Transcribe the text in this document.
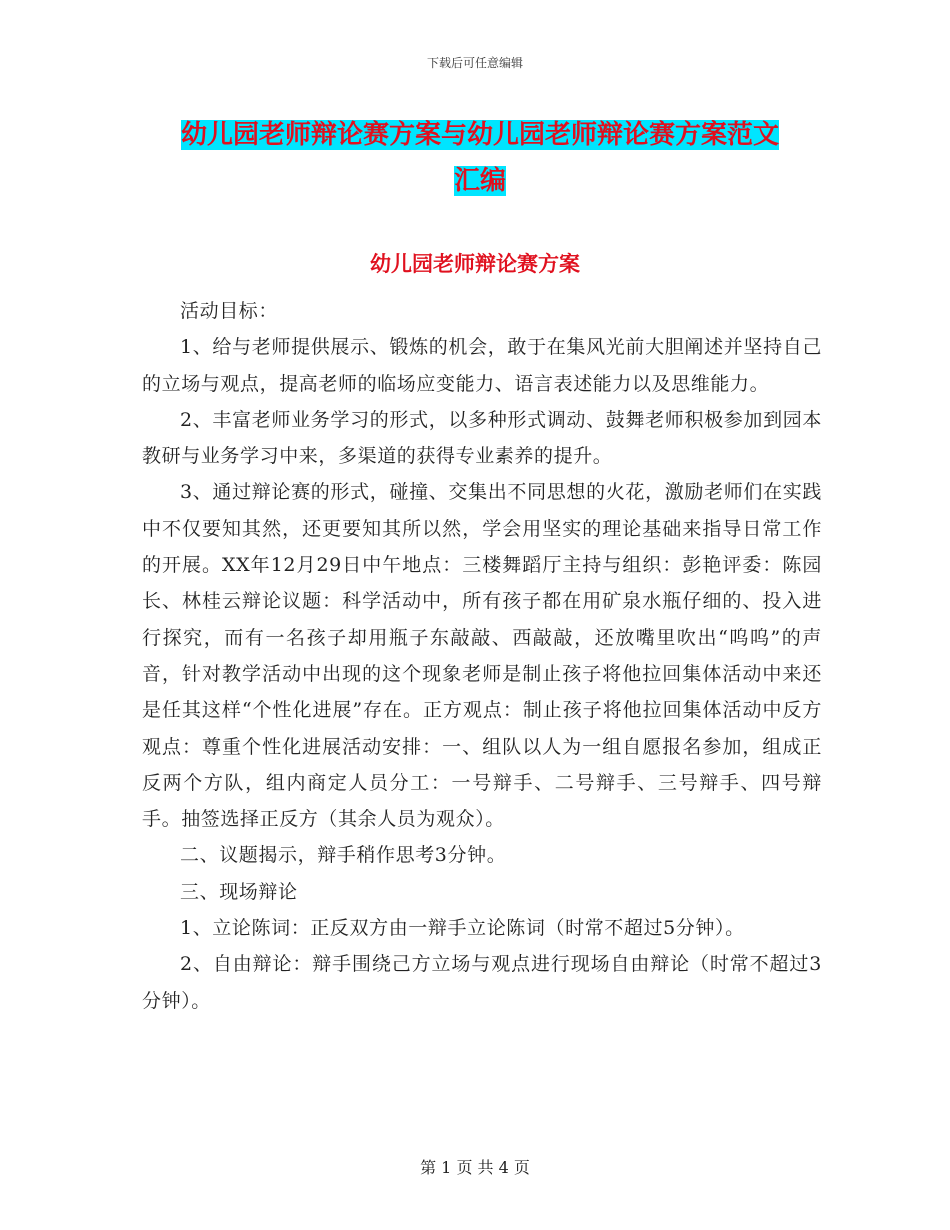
下载后可任意编辑
幼儿园老师辩论赛方案与幼儿园老师辩论赛方案范文
汇编
幼儿园老师辩论赛方案

活动目标：

1、给与老师提供展示、锻炼的机会，敢于在集风光前大胆阐述并坚持自己的立场与观点，提高老师的临场应变能力、语言表述能力以及思维能力。

2、丰富老师业务学习的形式，以多种形式调动、鼓舞老师积极参加到园本教研与业务学习中来，多渠道的获得专业素养的提升。

3、通过辩论赛的形式，碰撞、交集出不同思想的火花，激励老师们在实践中不仅要知其然，还更要知其所以然，学会用坚实的理论基础来指导日常工作的开展。XX年12月29日中午地点：三楼舞蹈厅主持与组织：彭艳评委：陈园长、林桂云辩论议题：科学活动中，所有孩子都在用矿泉水瓶仔细的、投入进行探究，而有一名孩子却用瓶子东敲敲、西敲敲，还放嘴里吹出“呜呜”的声音，针对教学活动中出现的这个现象老师是制止孩子将他拉回集体活动中来还是任其这样“个性化进展”存在。正方观点：制止孩子将他拉回集体活动中反方观点：尊重个性化进展活动安排：一、组队以人为一组自愿报名参加，组成正反两个方队，组内商定人员分工：一号辩手、二号辩手、三号辩手、四号辩手。抽签选择正反方（其余人员为观众）。

二、议题揭示，辩手稍作思考3分钟。

三、现场辩论

1、立论陈词：正反双方由一辩手立论陈词（时常不超过5分钟）。

2、自由辩论：辩手围绕己方立场与观点进行现场自由辩论（时常不超过3分钟）。

第 1 页 共 4 页
